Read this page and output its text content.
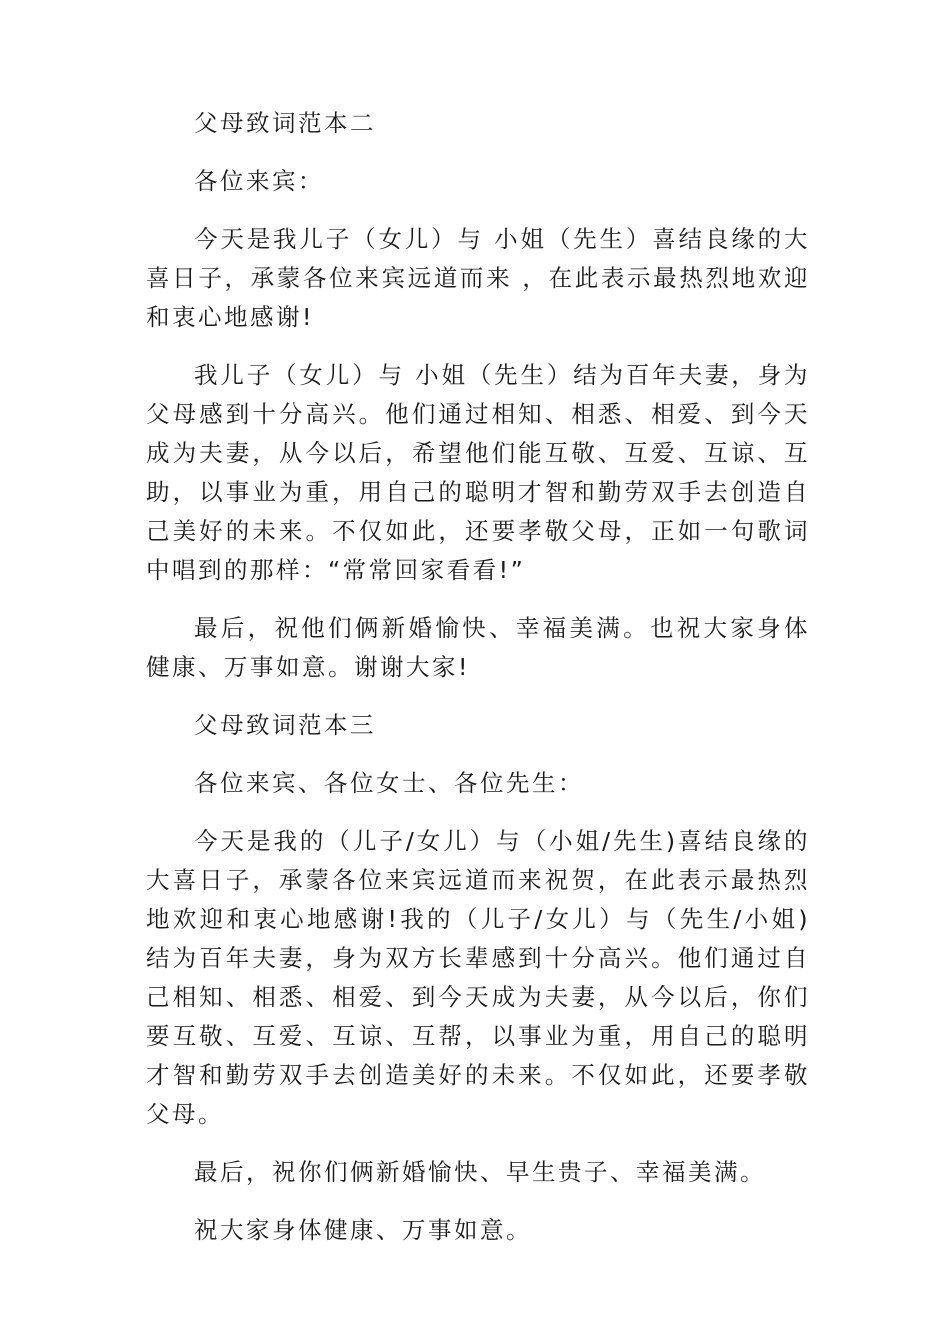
父母致词范本二

各位来宾：

今天是我儿子（女儿）与 小姐（先生）喜结良缘的大喜日子，承蒙各位来宾远道而来 ，在此表示最热烈地欢迎和衷心地感谢!

我儿子（女儿）与 小姐（先生）结为百年夫妻，身为父母感到十分高兴。他们通过相知、相悉、相爱、到今天成为夫妻，从今以后，希望他们能互敬、互爱、互谅、互助，以事业为重，用自己的聪明才智和勤劳双手去创造自己美好的未来。不仅如此，还要孝敬父母，正如一句歌词中唱到的那样：“常常回家看看!”

最后，祝他们俩新婚愉快、幸福美满。也祝大家身体健康、万事如意。谢谢大家!

父母致词范本三

各位来宾、各位女士、各位先生：

今天是我的（儿子/女儿）与（小姐/先生)喜结良缘的大喜日子，承蒙各位来宾远道而来祝贺，在此表示最热烈地欢迎和衷心地感谢!我的（儿子/女儿）与（先生/小姐)结为百年夫妻，身为双方长辈感到十分高兴。他们通过自己相知、相悉、相爱、到今天成为夫妻，从今以后，你们要互敬、互爱、互谅、互帮，以事业为重，用自己的聪明才智和勤劳双手去创造美好的未来。不仅如此，还要孝敬父母。

最后，祝你们俩新婚愉快、早生贵子、幸福美满。

祝大家身体健康、万事如意。
